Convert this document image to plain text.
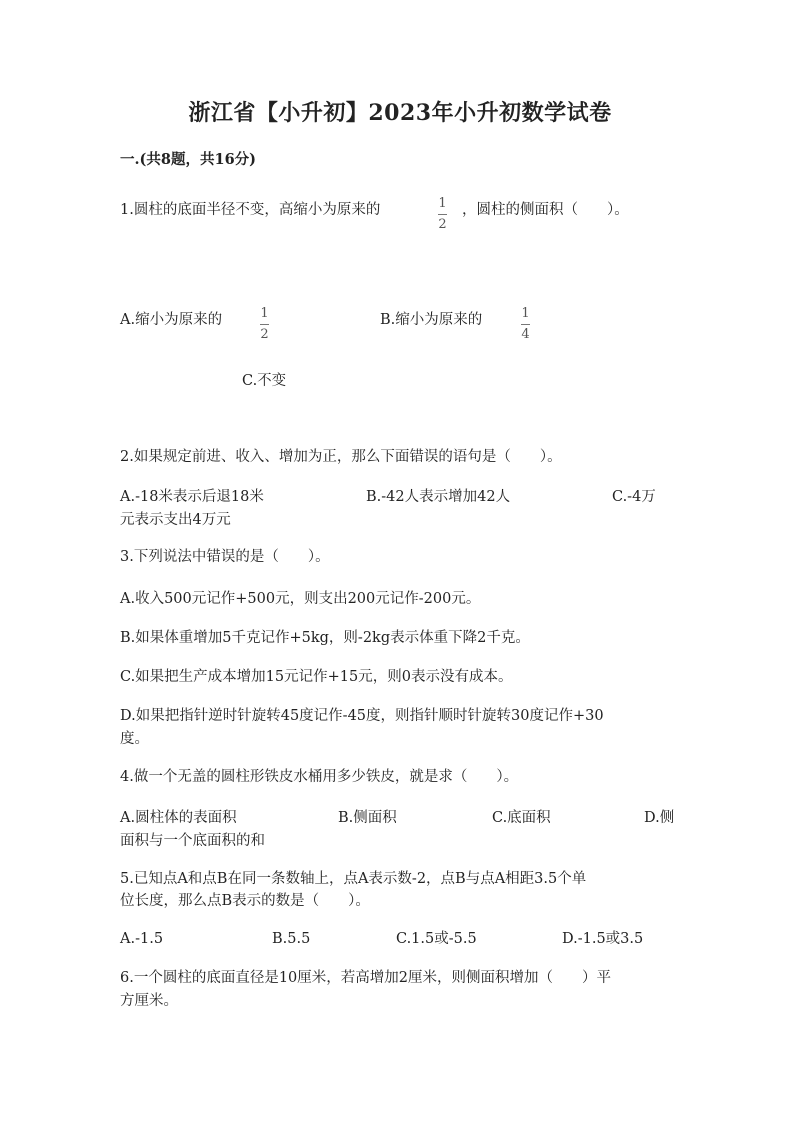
浙江省【小升初】2023年小升初数学试卷
一.(共8题，共16分)
1.圆柱的底面半径不变，高缩小为原来的	1
2
，圆柱的侧面积（　　）。
A.缩小为原来的	1
2
B.缩小为原来的	1
4
C.不变
2.如果规定前进、收入、增加为正，那么下面错误的语句是（　　）。
A.-18米表示后退18米	B.-42人表示增加42人	C.-4万
元表示支出4万元
3.下列说法中错误的是（　　）。
A.收入500元记作+500元，则支出200元记作-200元。
B.如果体重增加5千克记作+5kg，则-2kg表示体重下降2千克。
C.如果把生产成本增加15元记作+15元，则0表示没有成本。
D.如果把指针逆时针旋转45度记作-45度，则指针顺时针旋转30度记作+30
度。
4.做一个无盖的圆柱形铁皮水桶用多少铁皮，就是求（　　）。
A.圆柱体的表面积	B.侧面积	C.底面积	D.侧
面积与一个底面积的和
5.已知点A和点B在同一条数轴上，点A表示数-2，点B与点A相距3.5个单
位长度，那么点B表示的数是（　　）。
A.-1.5	B.5.5	C.1.5或-5.5	D.-1.5或3.5
6.一个圆柱的底面直径是10厘米，若高增加2厘米，则侧面积增加（　　）平
方厘米。
